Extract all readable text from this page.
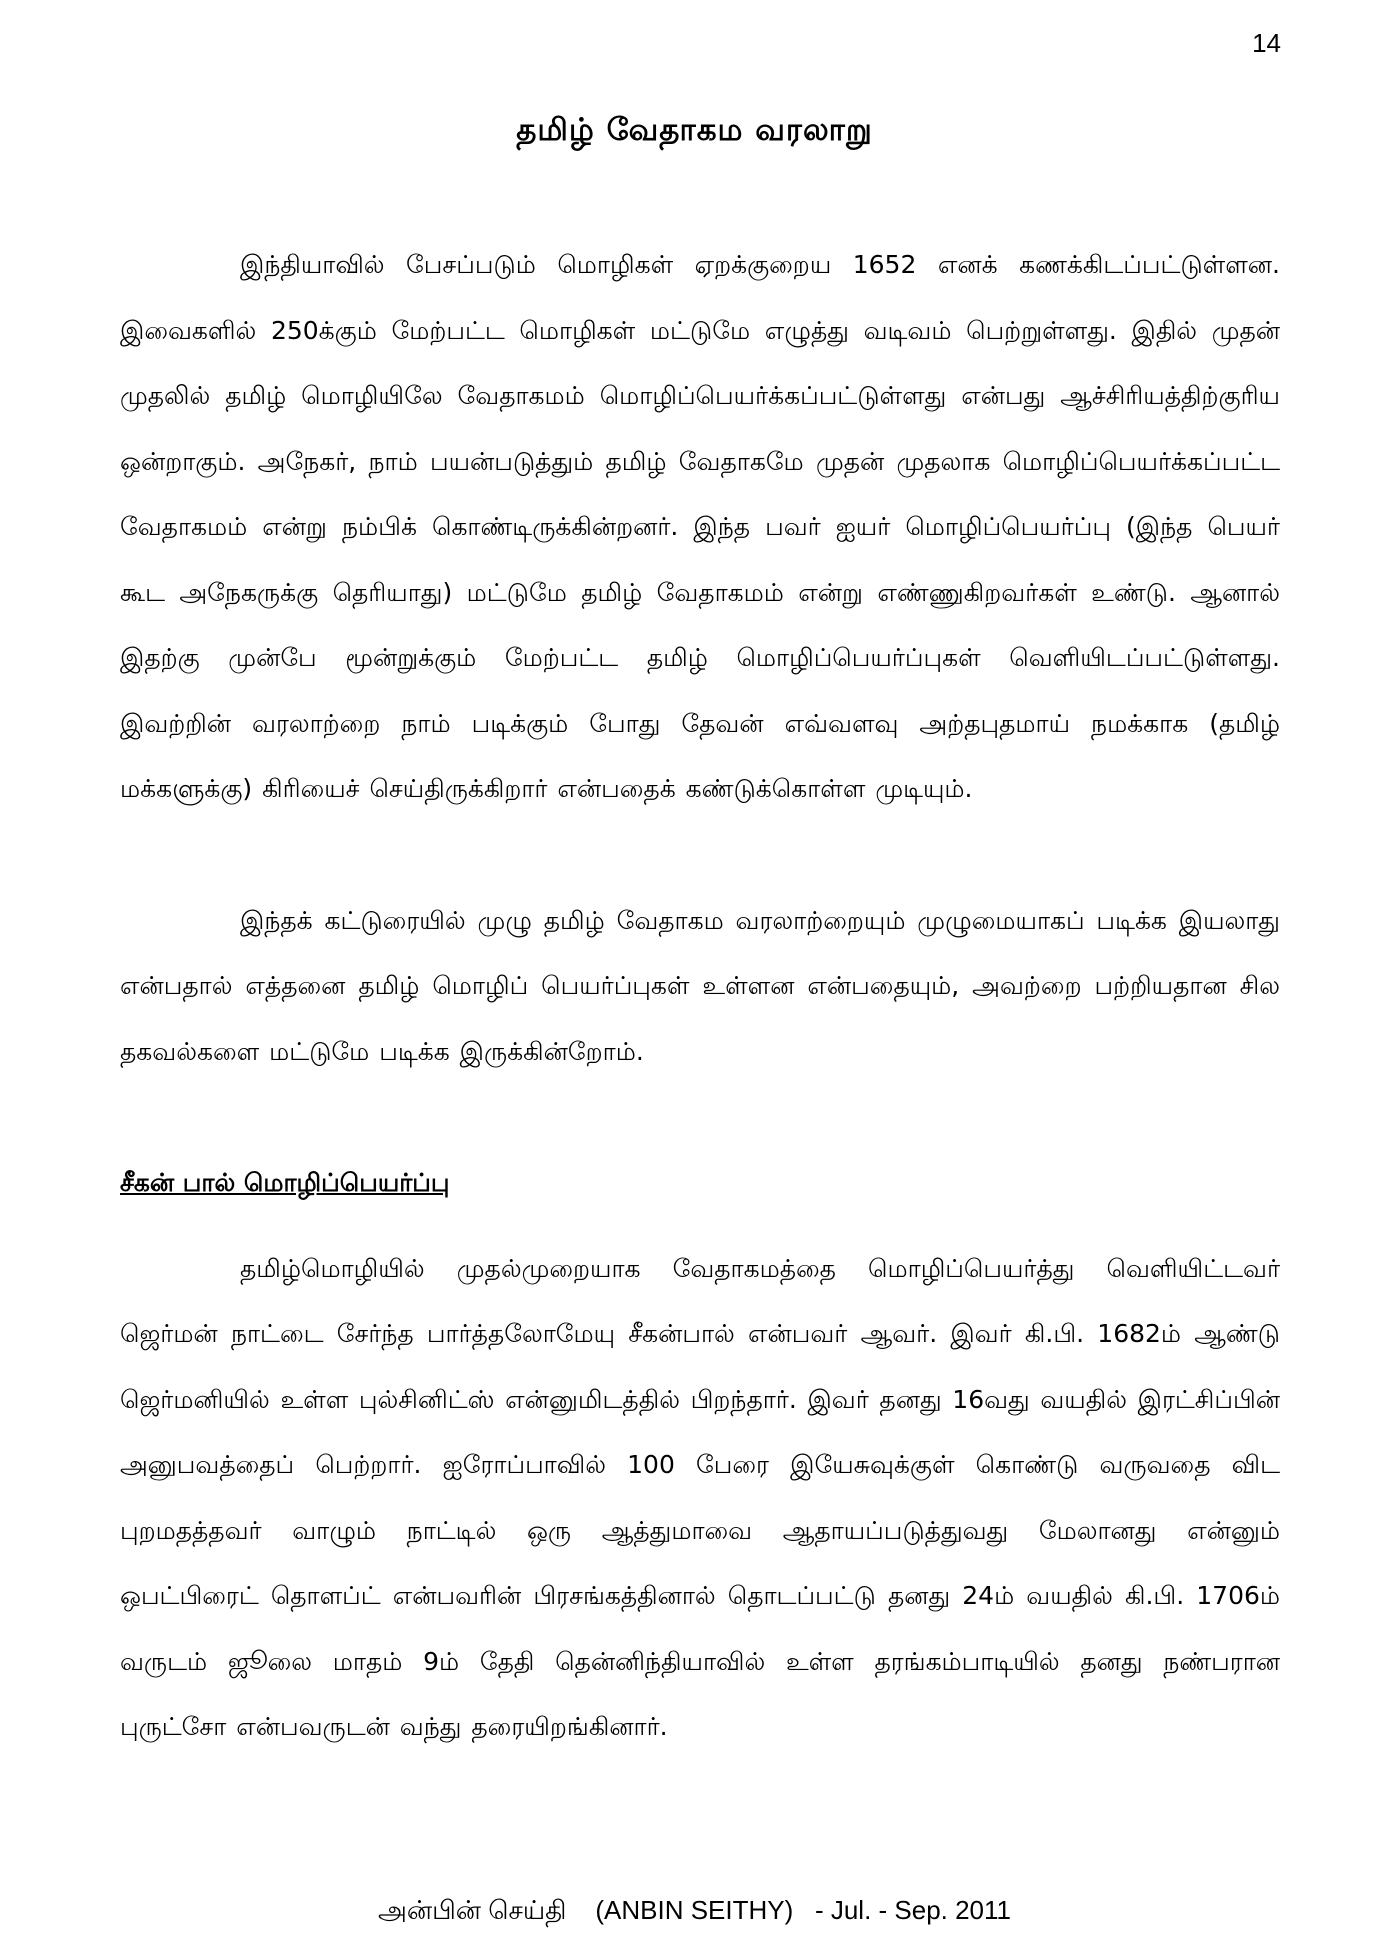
14
தமிழ் வேதாகம வரலாறு

இந்தியாவில் பேசப்படும் மொழிகள் ஏறக்குறைய 1652 எனக் கணக்கிடப்பட்டுள்ளன. இவைகளில் 250க்கும் மேற்பட்ட மொழிகள் மட்டுமே எழுத்து வடிவம் பெற்றுள்ளது. இதில் முதன் முதலில் தமிழ் மொழியிலே வேதாகமம் மொழிப்பெயர்க்கப்பட்டுள்ளது என்பது ஆச்சிரியத்திற்குரிய ஒன்றாகும். அநேகர், நாம் பயன்படுத்தும் தமிழ் வேதாகமே முதன் முதலாக மொழிப்பெயர்க்கப்பட்ட வேதாகமம் என்று நம்பிக் கொண்டிருக்கின்றனர். இந்த பவர் ஐயர் மொழிப்பெயர்ப்பு (இந்த பெயர் கூட அநேகருக்கு தெரியாது) மட்டுமே தமிழ் வேதாகமம் என்று எண்ணுகிறவர்கள் உண்டு. ஆனால் இதற்கு முன்பே மூன்றுக்கும் மேற்பட்ட தமிழ் மொழிப்பெயர்ப்புகள் வெளியிடப்பட்டுள்ளது. இவற்றின் வரலாற்றை நாம் படிக்கும் போது தேவன் எவ்வளவு அற்தபுதமாய் நமக்காக (தமிழ் மக்களுக்கு) கிரியைச் செய்திருக்கிறார் என்பதைக் கண்டுக்கொள்ள முடியும்.

இந்தக் கட்டுரையில் முழு தமிழ் வேதாகம வரலாற்றையும் முழுமையாகப் படிக்க இயலாது என்பதால் எத்தனை தமிழ் மொழிப் பெயர்ப்புகள் உள்ளன என்பதையும், அவற்றை பற்றியதான சில தகவல்களை மட்டுமே படிக்க இருக்கின்றோம்.

சீகன் பால் மொழிப்பெயர்ப்பு

தமிழ்மொழியில் முதல்முறையாக வேதாகமத்தை மொழிப்பெயர்த்து வெளியிட்டவர் ஜெர்மன் நாட்டை சேர்ந்த பார்த்தலோமேயு சீகன்பால் என்பவர் ஆவர். இவர் கி.பி. 1682ம் ஆண்டு ஜெர்மனியில் உள்ள புல்சினிட்ஸ் என்னுமிடத்தில் பிறந்தார். இவர் தனது 16வது வயதில் இரட்சிப்பின் அனுபவத்தைப் பெற்றார். ஐரோப்பாவில் 100 பேரை இயேசுவுக்குள் கொண்டு வருவதை விட புறமதத்தவர் வாழும் நாட்டில் ஒரு ஆத்துமாவை ஆதாயப்படுத்துவது மேலானது என்னும் ஒபட்பிரைட் தொளப்ட் என்பவரின் பிரசங்கத்தினால் தொடப்பட்டு தனது 24ம் வயதில் கி.பி. 1706ம் வருடம் ஜூலை மாதம் 9ம் தேதி தென்னிந்தியாவில் உள்ள தரங்கம்பாடியில் தனது நண்பரான புருட்சோ என்பவருடன் வந்து தரையிறங்கினார்.

அன்பின் செய்தி    (ANBIN SEITHY)   - Jul. - Sep. 2011
